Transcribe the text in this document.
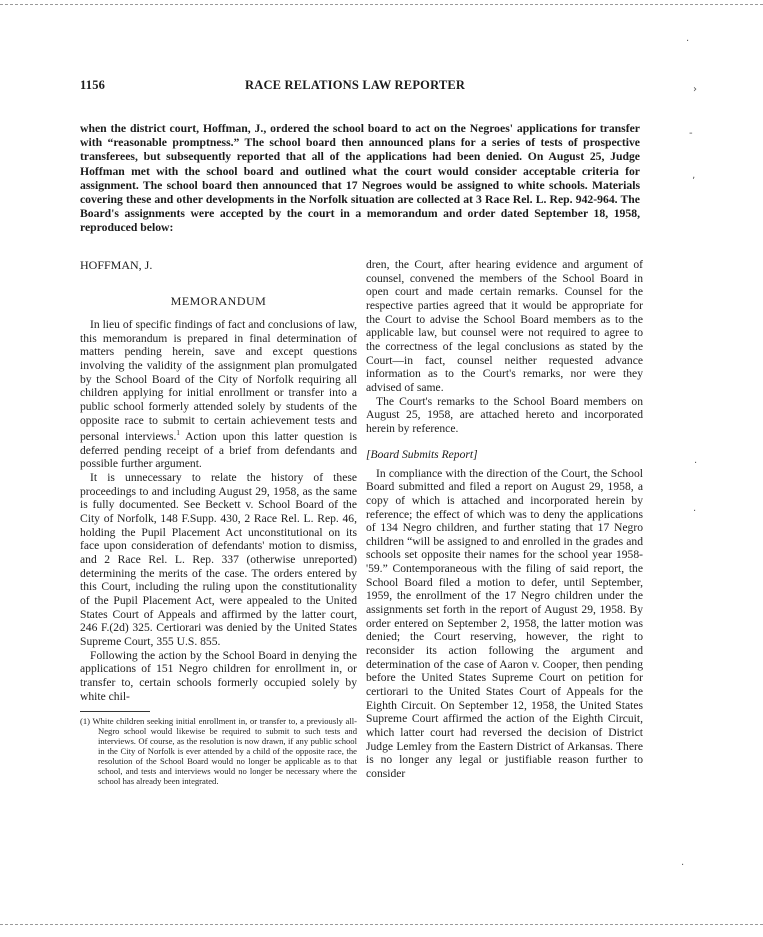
1156	RACE RELATIONS LAW REPORTER
when the district court, Hoffman, J., ordered the school board to act on the Negroes' applications for transfer with “reasonable promptness.” The school board then announced plans for a series of tests of prospective transferees, but subsequently reported that all of the applications had been denied. On August 25, Judge Hoffman met with the school board and outlined what the court would consider acceptable criteria for assignment. The school board then announced that 17 Negroes would be assigned to white schools. Materials covering these and other developments in the Norfolk situation are collected at 3 Race Rel. L. Rep. 942-964. The Board's assignments were accepted by the court in a memorandum and order dated September 18, 1958, reproduced below:
HOFFMAN, J.
MEMORANDUM

In lieu of specific findings of fact and conclusions of law, this memorandum is prepared in final determination of matters pending herein, save and except questions involving the validity of the assignment plan promulgated by the School Board of the City of Norfolk requiring all children applying for initial enrollment or transfer into a public school formerly attended solely by students of the opposite race to submit to certain achievement tests and personal interviews.$^1$ Action upon this latter question is deferred pending receipt of a brief from defendants and possible further argument.

It is unnecessary to relate the history of these proceedings to and including August 29, 1958, as the same is fully documented. See Beckett v. School Board of the City of Norfolk, 148 F.Supp. 430, 2 Race Rel. L. Rep. 46, holding the Pupil Placement Act unconstitutional on its face upon consideration of defendants' motion to dismiss, and 2 Race Rel. L. Rep. 337 (otherwise unreported) determining the merits of the case. The orders entered by this Court, including the ruling upon the constitutionality of the Pupil Placement Act, were appealed to the United States Court of Appeals and affirmed by the latter court, 246 F.(2d) 325. Certiorari was denied by the United States Supreme Court, 355 U.S. 855.

Following the action by the School Board in denying the applications of 151 Negro children for enrollment in, or transfer to, certain schools formerly occupied solely by white chil-

(1) White children seeking initial enrollment in, or transfer to, a previously all-Negro school would likewise be required to submit to such tests and interviews. Of course, as the resolution is now drawn, if any public school in the City of Norfolk is ever attended by a child of the opposite race, the resolution of the School Board would no longer be applicable as to that school, and tests and interviews would no longer be necessary where the school has already been integrated.

dren, the Court, after hearing evidence and argument of counsel, convened the members of the School Board in open court and made certain remarks. Counsel for the respective parties agreed that it would be appropriate for the Court to advise the School Board members as to the applicable law, but counsel were not required to agree to the correctness of the legal conclusions as stated by the Court—in fact, counsel neither requested advance information as to the Court's remarks, nor were they advised of same.

The Court's remarks to the School Board members on August 25, 1958, are attached hereto and incorporated herein by reference.

[Board Submits Report]

In compliance with the direction of the Court, the School Board submitted and filed a report on August 29, 1958, a copy of which is attached and incorporated herein by reference; the effect of which was to deny the applications of 134 Negro children, and further stating that 17 Negro children “will be assigned to and enrolled in the grades and schools set opposite their names for the school year 1958-'59.” Contemporaneous with the filing of said report, the School Board filed a motion to defer, until September, 1959, the enrollment of the 17 Negro children under the assignments set forth in the report of August 29, 1958. By order entered on September 2, 1958, the latter motion was denied; the Court reserving, however, the right to reconsider its action following the argument and determination of the case of Aaron v. Cooper, then pending before the United States Supreme Court on petition for certiorari to the United States Court of Appeals for the Eighth Circuit. On September 12, 1958, the United States Supreme Court affirmed the action of the Eighth Circuit, which latter court had reversed the decision of District Judge Lemley from the Eastern District of Arkansas. There is no longer any legal or justifiable reason further to consider

·
›
-
ʼ
·
·
·
